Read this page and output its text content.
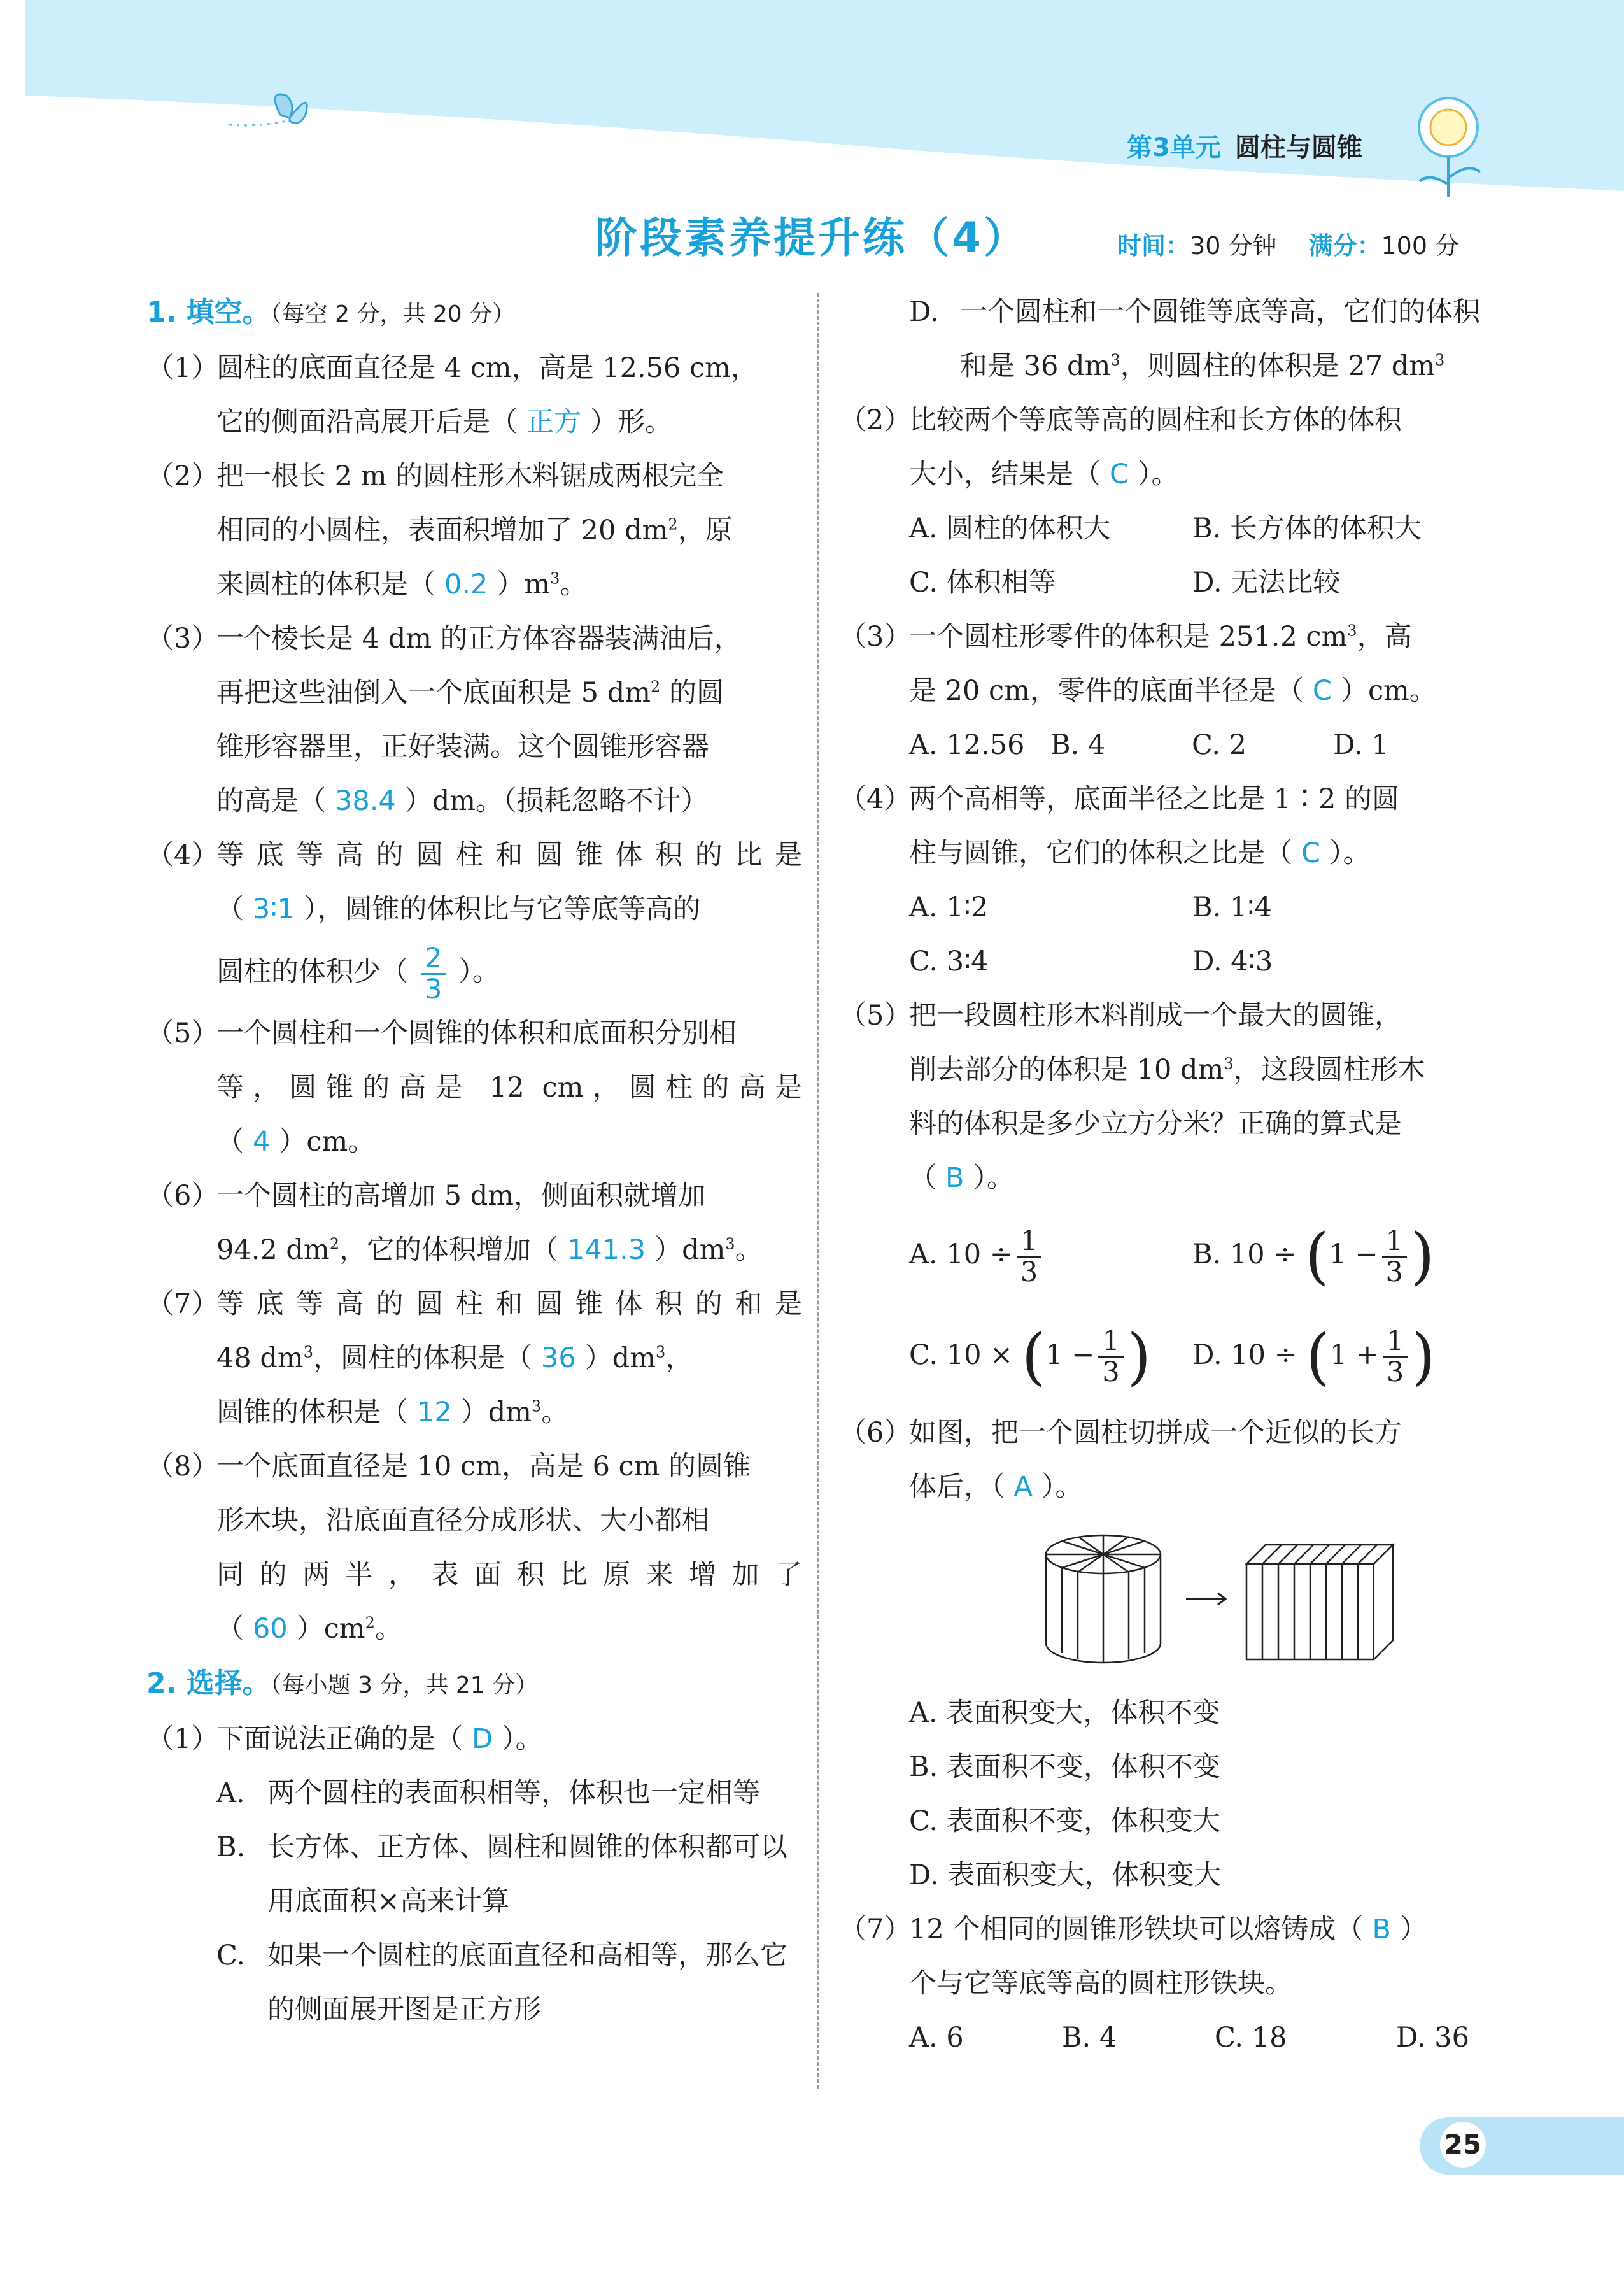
第3单元 圆柱与圆锥
阶段素养提升练（4）	时间：30 分钟 满分：100 分
1. 填空。（每空 2 分，共 20 分）
（1）
圆柱的底面直径是 4 cm，高是 12.56 cm，
它的侧面沿高展开后是（ 正方 ）形。
（2）
把一根长 2 m 的圆柱形木料锯成两根完全
相同的小圆柱，表面积增加了 20 $dm^2$，原
来圆柱的体积是（ 0.2 ）$m^3$。
（3）
一个棱长是 4 dm 的正方体容器装满油后，
再把这些油倒入一个底面积是 5 $dm^2$ 的圆
锥形容器里，正好装满。这个圆锥形容器
的高是（ 38.4 ）dm。（损耗忽略不计）
（4）
等底等高的圆柱和圆锥体积的比是
（ 3∶1 ），圆锥的体积比与它等底等高的
圆柱的体积少（ $\frac{2}{3}$ ）。
（5）
一个圆柱和一个圆锥的体积和底面积分别相
等，圆锥的高是 12 cm，圆柱的高是
（ 4 ）cm。
（6）
一个圆柱的高增加 5 dm，侧面积就增加
94.2 $dm^2$，它的体积增加（ 141.3 ）$dm^3$。
（7）
等底等高的圆柱和圆锥体积的和是
48 $dm^3$，圆柱的体积是（ 36 ）$dm^3$，
圆锥的体积是（ 12 ）$dm^3$。
（8）
一个底面直径是 10 cm，高是 6 cm 的圆锥
形木块，沿底面直径分成形状、大小都相
同的两半，表面积比原来增加了
（ 60 ）$cm^2$。
2. 选择。（每小题 3 分，共 21 分）
（1）
下面说法正确的是（ D ）。
A. 两个圆柱的表面积相等，体积也一定相等
B. 长方体、正方体、圆柱和圆锥的体积都可以用底面积×高来计算
C. 如果一个圆柱的底面直径和高相等，那么它的侧面展开图是正方形
D. 一个圆柱和一个圆锥等底等高，它们的体积和是 36 $dm^3$，则圆柱的体积是 27 $dm^3$
（2）
比较两个等底等高的圆柱和长方体的体积
大小，结果是（ C ）。
A. 圆柱的体积大	B. 长方体的体积大
C. 体积相等	D. 无法比较
（3）
一个圆柱形零件的体积是 251.2 $cm^3$，高
是 20 cm，零件的底面半径是（ C ）cm。
A. 12.56 B. 4	C. 2	D. 1
（4）
两个高相等，底面半径之比是 1∶2 的圆
柱与圆锥，它们的体积之比是（ C ）。
A. 1∶2	B. 1∶4
C. 3∶4	D. 4∶3
（5）
把一段圆柱形木料削成一个最大的圆锥，
削去部分的体积是 10 $dm^3$，这段圆柱形木
料的体积是多少立方分米？正确的算式是
（ B ）。
A. $10 \div \frac{1}{3}$	B. $10 \div (1 - \frac{1}{3}$ )
C. $10 \times (1 - \frac{1}{3}$ )	D. $10 \div (1 + \frac{1}{3}$ )
（6）
如图，把一个圆柱切拼成一个近似的长方
体后，（ A ）。
A. 表面积变大，体积不变
B. 表面积不变，体积不变
C. 表面积不变，体积变大
D. 表面积变大，体积变大
（7）
12 个相同的圆锥形铁块可以熔铸成（ B ）
个与它等底等高的圆柱形铁块。
A. 6	B. 4	C. 18	D. 36
25
